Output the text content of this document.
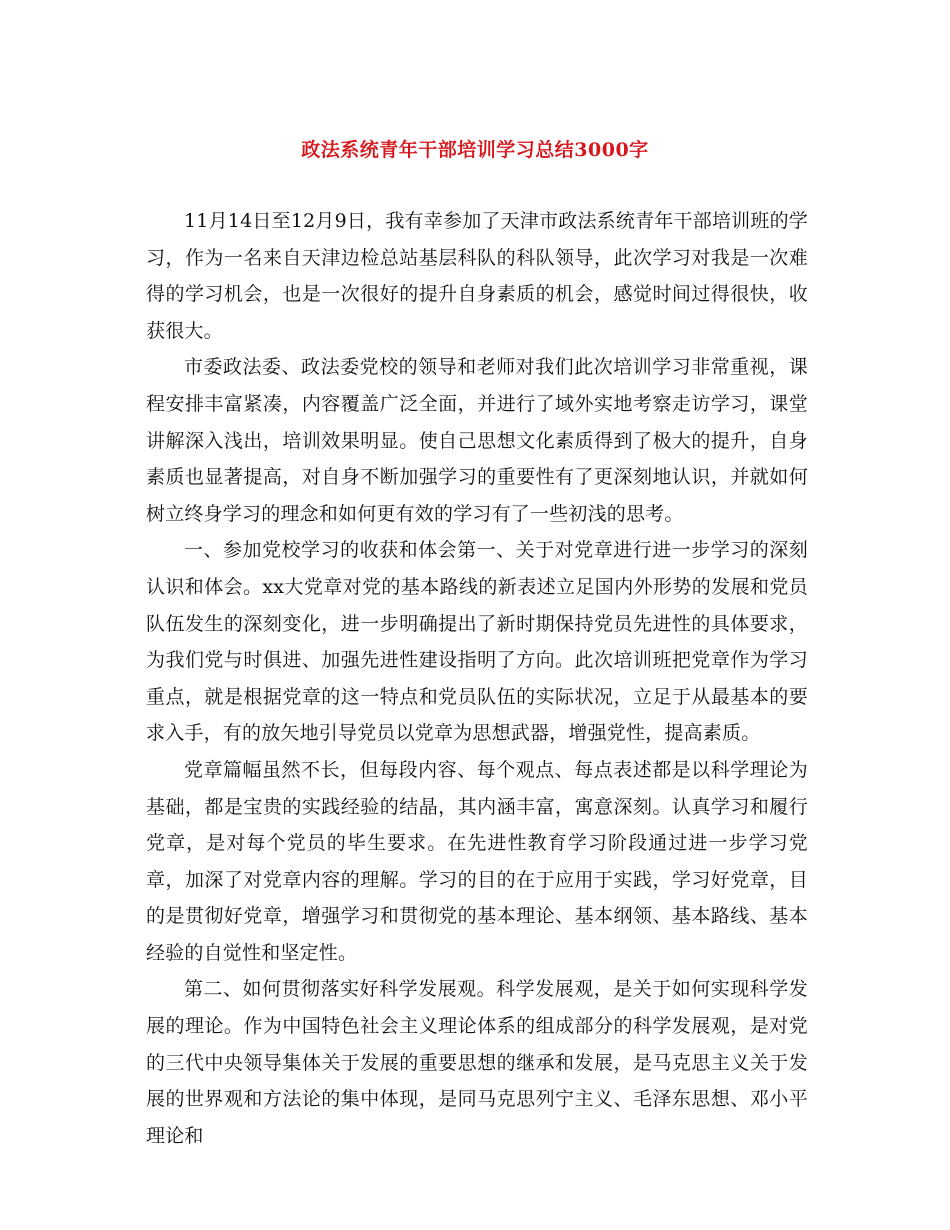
政法系统青年干部培训学习总结3000字

11月14日至12月9日，我有幸参加了天津市政法系统青年干部培训班的学习，作为一名来自天津边检总站基层科队的科队领导，此次学习对我是一次难得的学习机会，也是一次很好的提升自身素质的机会，感觉时间过得很快，收获很大。

市委政法委、政法委党校的领导和老师对我们此次培训学习非常重视，课程安排丰富紧凑，内容覆盖广泛全面，并进行了域外实地考察走访学习，课堂讲解深入浅出，培训效果明显。使自己思想文化素质得到了极大的提升，自身素质也显著提高，对自身不断加强学习的重要性有了更深刻地认识，并就如何树立终身学习的理念和如何更有效的学习有了一些初浅的思考。

一、参加党校学习的收获和体会第一、关于对党章进行进一步学习的深刻认识和体会。xx大党章对党的基本路线的新表述立足国内外形势的发展和党员队伍发生的深刻变化，进一步明确提出了新时期保持党员先进性的具体要求，为我们党与时俱进、加强先进性建设指明了方向。此次培训班把党章作为学习重点，就是根据党章的这一特点和党员队伍的实际状况，立足于从最基本的要求入手，有的放矢地引导党员以党章为思想武器，增强党性，提高素质。

党章篇幅虽然不长，但每段内容、每个观点、每点表述都是以科学理论为基础，都是宝贵的实践经验的结晶，其内涵丰富，寓意深刻。认真学习和履行党章，是对每个党员的毕生要求。在先进性教育学习阶段通过进一步学习党章，加深了对党章内容的理解。学习的目的在于应用于实践，学习好党章，目的是贯彻好党章，增强学习和贯彻党的基本理论、基本纲领、基本路线、基本经验的自觉性和坚定性。

第二、如何贯彻落实好科学发展观。科学发展观，是关于如何实现科学发展的理论。作为中国特色社会主义理论体系的组成部分的科学发展观，是对党的三代中央领导集体关于发展的重要思想的继承和发展，是马克思主义关于发展的世界观和方法论的集中体现，是同马克思列宁主义、毛泽东思想、邓小平理论和
